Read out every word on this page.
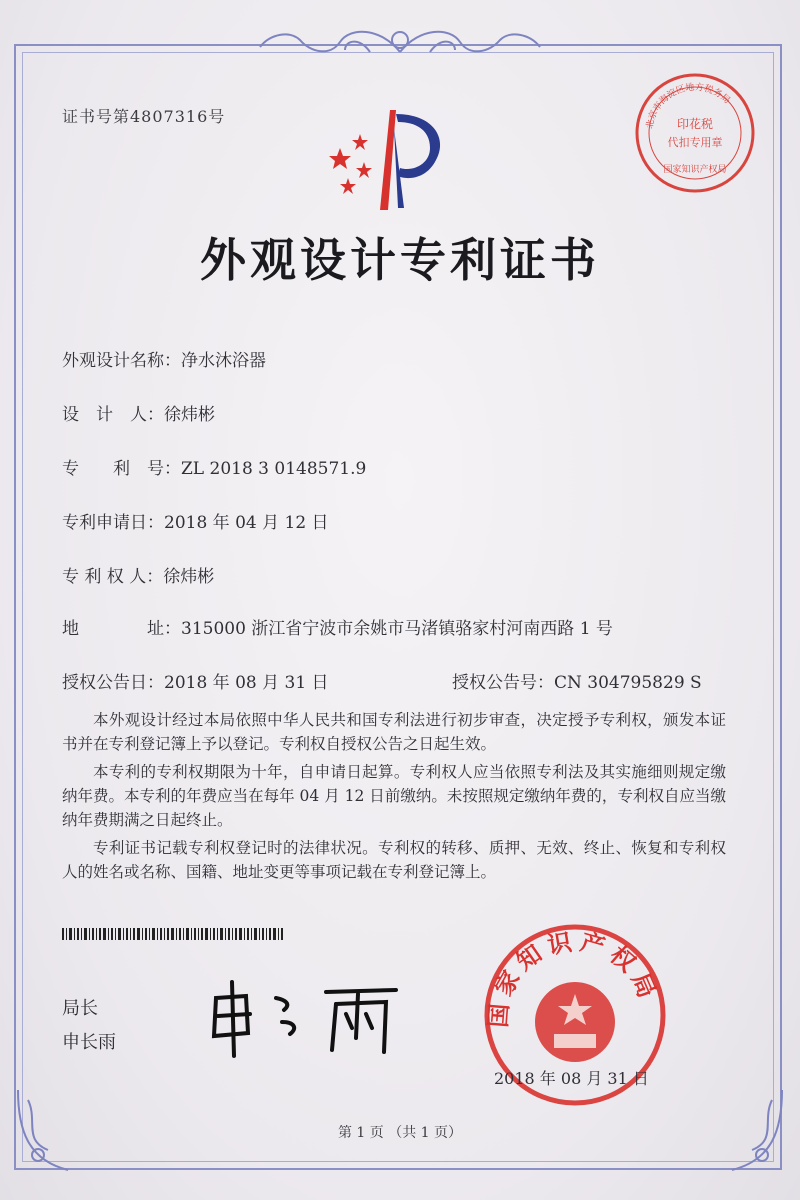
证书号第4807316号	北京市海淀区地方税务局
印花税
代扣专用章
国家知识产权局
外观设计专利证书
外观设计名称：净水沐浴器
设　计　人：徐炜彬
专　　利　号：ZL 2018 3 0148571.9
专利申请日：2018 年 04 月 12 日
专 利 权 人：徐炜彬
地　　　　址：315000 浙江省宁波市余姚市马渚镇骆家村河南西路 1 号
授权公告日：2018 年 08 月 31 日	授权公告号：CN 304795829 S

本外观设计经过本局依照中华人民共和国专利法进行初步审查，决定授予专利权，颁发本证书并在专利登记簿上予以登记。专利权自授权公告之日起生效。

本专利的专利权期限为十年，自申请日起算。专利权人应当依照专利法及其实施细则规定缴纳年费。本专利的年费应当在每年 04 月 12 日前缴纳。未按照规定缴纳年费的，专利权自应当缴纳年费期满之日起终止。

专利证书记载专利权登记时的法律状况。专利权的转移、质押、无效、终止、恢复和专利权人的姓名或名称、国籍、地址变更等事项记载在专利登记簿上。

局长
申长雨
国家知识产权局
2018 年 08 月 31 日
第 1 页 （共 1 页）
